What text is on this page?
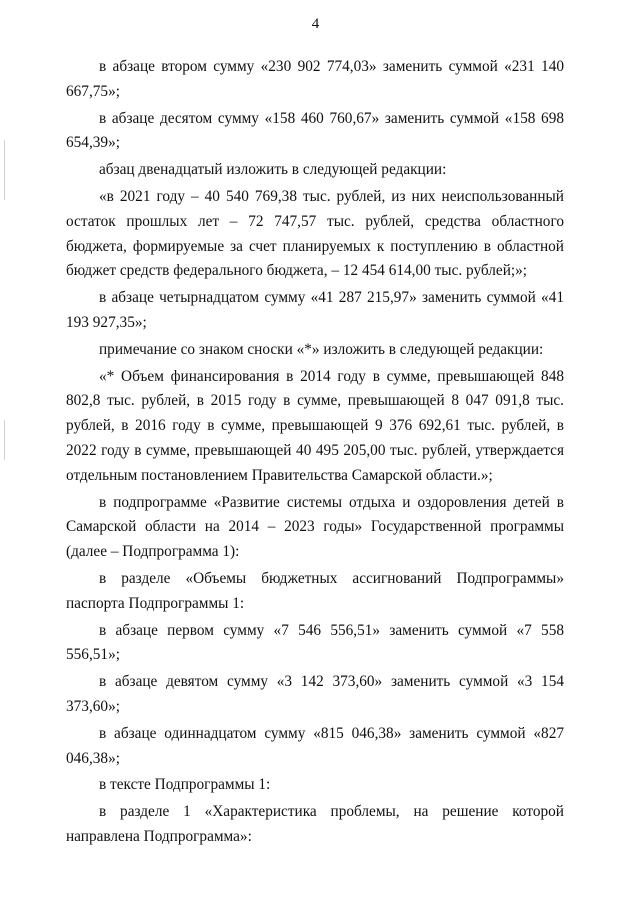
4

в абзаце втором сумму «230 902 774,03» заменить суммой «231 140 667,75»;

в абзаце десятом сумму «158 460 760,67» заменить суммой «158 698 654,39»;

абзац двенадцатый изложить в следующей редакции:

«в 2021 году – 40 540 769,38 тыс. рублей, из них неиспользованный остаток прошлых лет – 72 747,57 тыс. рублей, средства областного бюджета, формируемые за счет планируемых к поступлению в областной бюджет средств федерального бюджета, – 12 454 614,00 тыс. рублей;»;

в абзаце четырнадцатом сумму «41 287 215,97» заменить суммой «41 193 927,35»;

примечание со знаком сноски «*» изложить в следующей редакции:

«* Объем финансирования в 2014 году в сумме, превышающей 848 802,8 тыс. рублей, в 2015 году в сумме, превышающей 8 047 091,8 тыс. рублей, в 2016 году в сумме, превышающей 9 376 692,61 тыс. рублей, в 2022 году в сумме, превышающей 40 495 205,00 тыс. рублей, утверждается отдельным постановлением Правительства Самарской области.»;

в подпрограмме «Развитие системы отдыха и оздоровления детей в Самарской области на 2014 – 2023 годы» Государственной программы (далее – Подпрограмма 1):

в разделе «Объемы бюджетных ассигнований Подпрограммы» паспорта Подпрограммы 1:

в абзаце первом сумму «7 546 556,51» заменить суммой «7 558 556,51»;

в абзаце девятом сумму «3 142 373,60» заменить суммой «3 154 373,60»;

в абзаце одиннадцатом сумму «815 046,38» заменить суммой «827 046,38»;

в тексте Подпрограммы 1:

в разделе 1 «Характеристика проблемы, на решение которой направлена Подпрограмма»:
